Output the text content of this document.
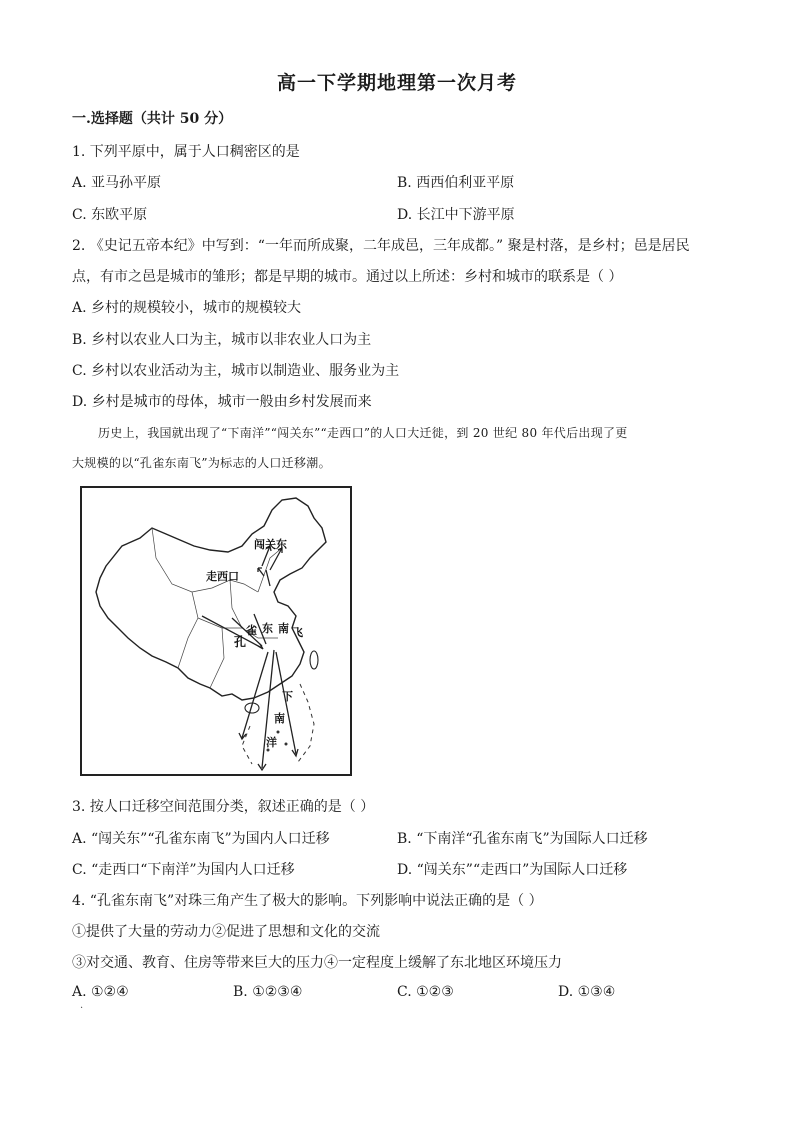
高一下学期地理第一次月考
一.选择题（共计 50 分）
1. 下列平原中，属于人口稠密区的是
A. 亚马孙平原	B. 西西伯利亚平原
C. 东欧平原	D. 长江中下游平原
2. 《史记五帝本纪》中写到：“一年而所成聚，二年成邑，三年成都。” 聚是村落，是乡村；邑是居民
点，有市之邑是城市的雏形；都是早期的城市。通过以上所述：乡村和城市的联系是（ ）
A. 乡村的规模较小，城市的规模较大
B. 乡村以农业人口为主，城市以非农业人口为主
C. 乡村以农业活动为主，城市以制造业、服务业为主
D. 乡村是城市的母体，城市一般由乡村发展而来
历史上，我国就出现了“下南洋”“闯关东”“走西口”的人口大迁徙，到 20 世纪 80 年代后出现了更
大规模的以“孔雀东南飞”为标志的人口迁移潮。
闯关东
走西口
孔
雀 东 南 飞
下
南
洋
3. 按人口迁移空间范围分类，叙述正确的是（ ）
A. “闯关东”“孔雀东南飞”为国内人口迁移	B. “下南洋“孔雀东南飞”为国际人口迁移
C. “走西口“下南洋”为国内人口迁移	D. “闯关东”“走西口”为国际人口迁移
4. “孔雀东南飞”对珠三角产生了极大的影响。下列影响中说法正确的是（ ）
①提供了大量的劳动力②促进了思想和文化的交流
③对交通、教育、住房等带来巨大的压力④一定程度上缓解了东北地区环境压力
A. ①②④	B. ①②③④	C. ①②③	D. ①③④
·
